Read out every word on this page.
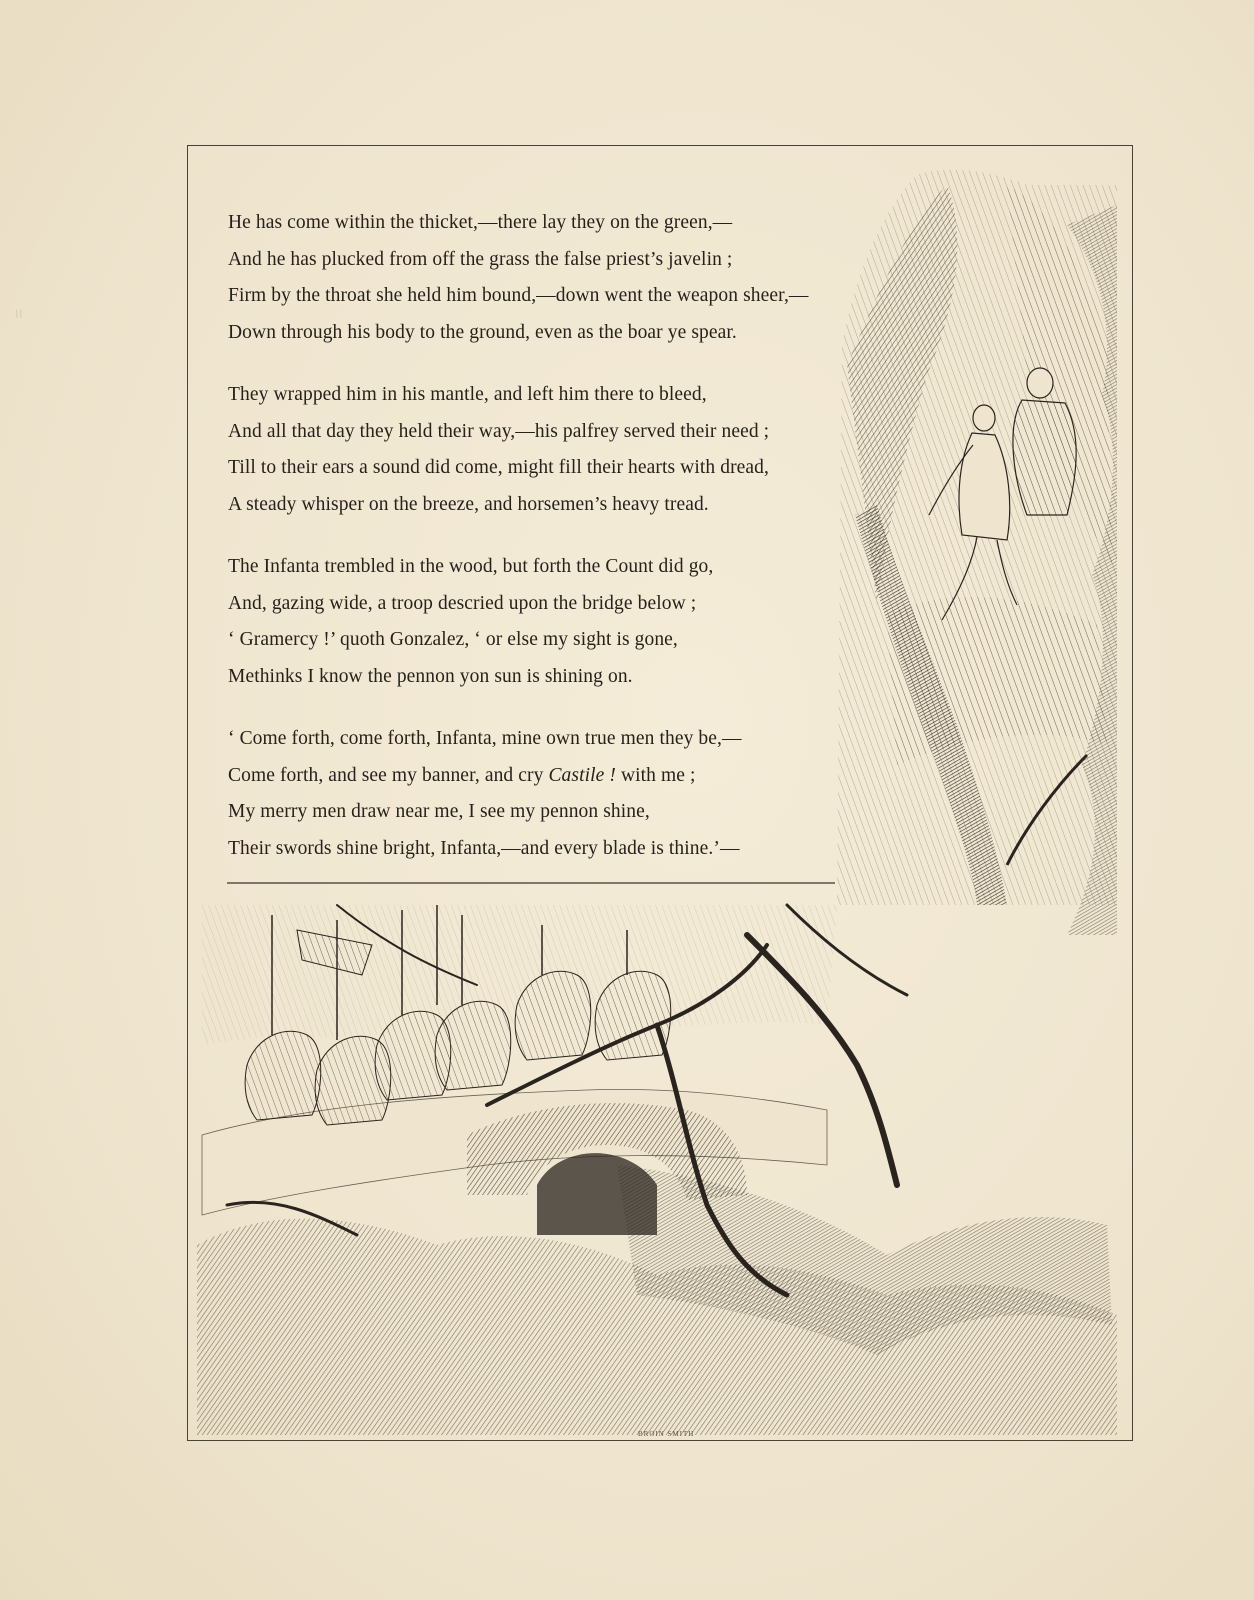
| |
He has come within the thicket,—there lay they on the green,—
And he has plucked from off the grass the false priest’s javelin ;
Firm by the throat she held him bound,—down went the weapon sheer,—
Down through his body to the ground, even as the boar ye spear.
They wrapped him in his mantle, and left him there to bleed,
And all that day they held their way,—his palfrey served their need ;
Till to their ears a sound did come, might fill their hearts with dread,
A steady whisper on the breeze, and horsemen’s heavy tread.
The Infanta trembled in the wood, but forth the Count did go,
And, gazing wide, a troop descried upon the bridge below ;
‘ Gramercy !’ quoth Gonzalez, ‘ or else my sight is gone,
Methinks I know the pennon yon sun is shining on.
‘ Come forth, come forth, Infanta, mine own true men they be,—
Come forth, and see my banner, and cry Castile ! with me ;
My merry men draw near me, I see my pennon shine,
Their swords shine bright, Infanta,—and every blade is thine.’—
BROIN SMITH
